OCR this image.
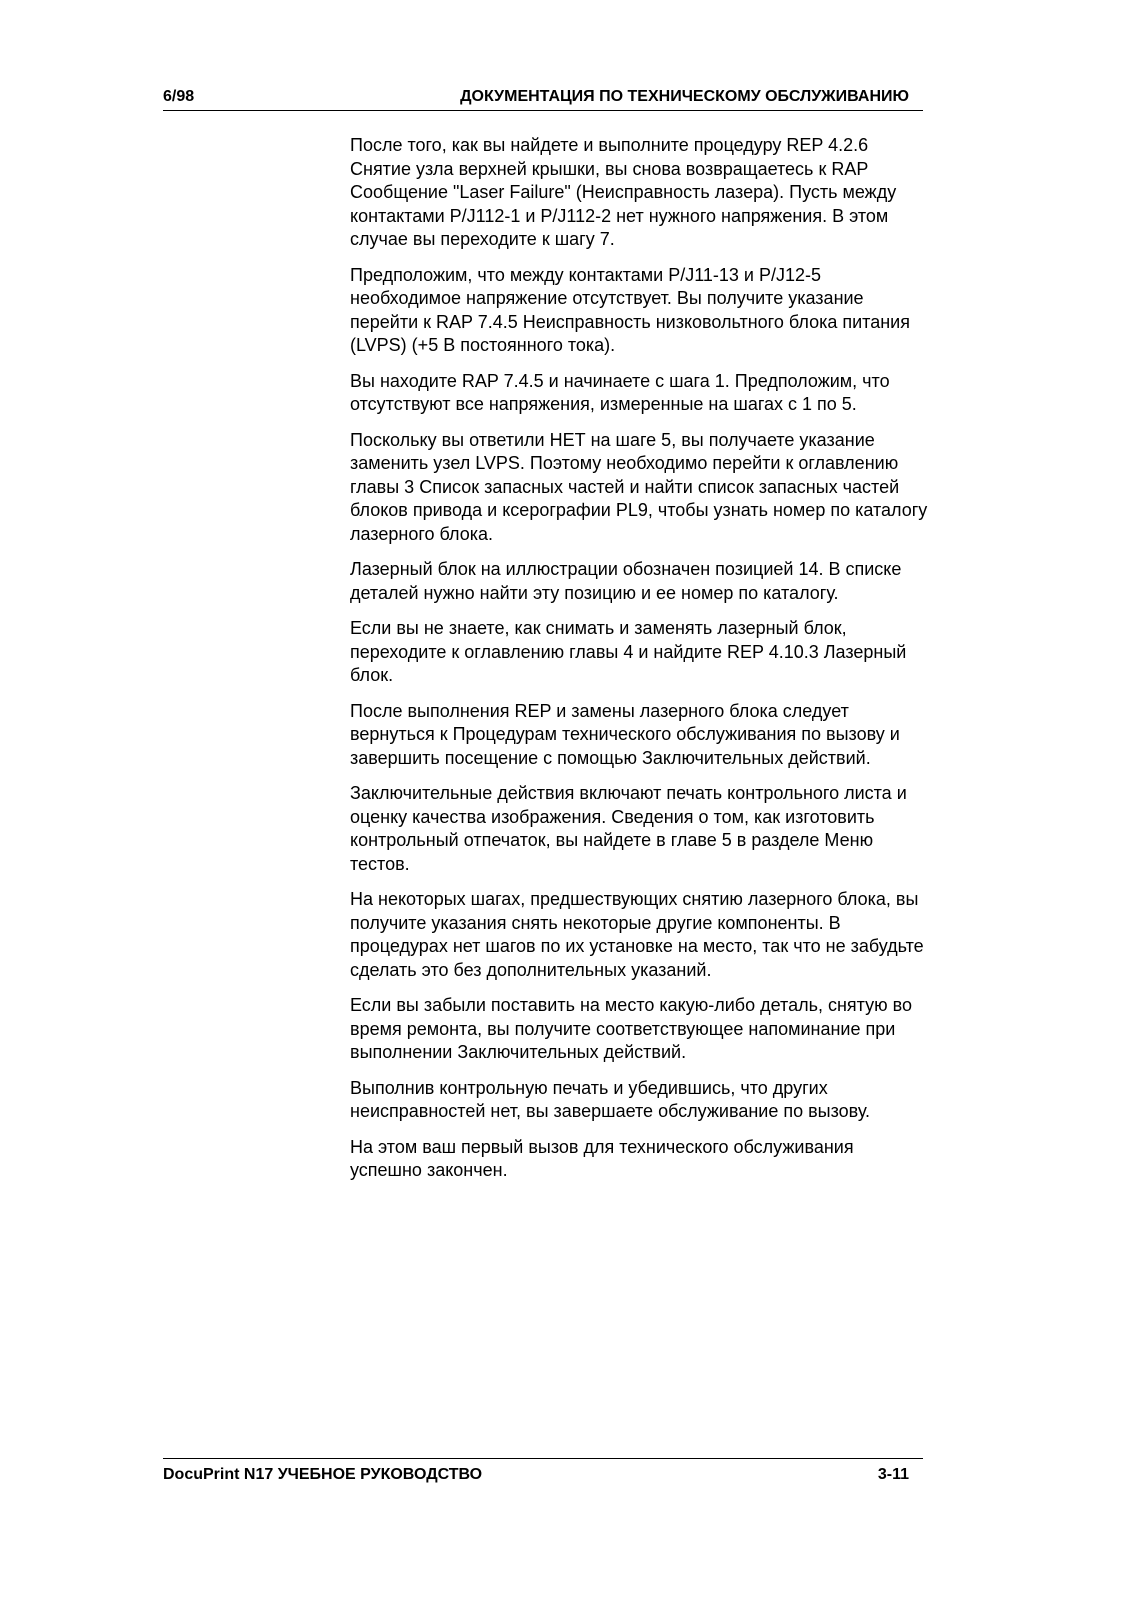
6/98	ДОКУМЕНТАЦИЯ ПО ТЕХНИЧЕСКОМУ ОБСЛУЖИВАНИЮ

После того, как вы найдете и выполните процедуру REP 4.2.6 Снятие узла верхней крышки, вы снова возвращаетесь к RAP Сообщение "Laser Failure" (Неисправность лазера). Пусть между контактами P/J112-1 и P/J112-2 нет нужного напряжения. В этом случае вы переходите к шагу 7.

Предположим, что между контактами P/J11-13 и P/J12-5 необходимое напряжение отсутствует. Вы получите указание перейти к RAP 7.4.5 Неисправность низковольтного блока питания (LVPS) (+5 В постоянного тока).

Вы находите RAP 7.4.5 и начинаете с шага 1. Предположим, что отсутствуют все напряжения, измеренные на шагах с 1 по 5.

Поскольку вы ответили НЕТ на шаге 5, вы получаете указание заменить узел LVPS. Поэтому необходимо перейти к оглавлению главы 3 Список запасных частей и найти список запасных частей блоков привода и ксерографии PL9, чтобы узнать номер по каталогу лазерного блока.

Лазерный блок на иллюстрации обозначен позицией 14. В списке деталей нужно найти эту позицию и ее номер по каталогу.

Если вы не знаете, как снимать и заменять лазерный блок, переходите к оглавлению главы 4 и найдите REP 4.10.3 Лазерный блок.

После выполнения REP и замены лазерного блока следует вернуться к Процедурам технического обслуживания по вызову и завершить посещение с помощью Заключительных действий.

Заключительные действия включают печать контрольного листа и оценку качества изображения. Сведения о том, как изготовить контрольный отпечаток, вы найдете в главе 5 в разделе Меню тестов.

На некоторых шагах, предшествующих снятию лазерного блока, вы получите указания снять некоторые другие компоненты. В процедурах нет шагов по их установке на место, так что не забудьте сделать это без дополнительных указаний.

Если вы забыли поставить на место какую-либо деталь, снятую во время ремонта, вы получите соответствующее напоминание при выполнении Заключительных действий.

Выполнив контрольную печать и убедившись, что других неисправностей нет, вы завершаете обслуживание по вызову.

На этом ваш первый вызов для технического обслуживания успешно закончен.

DocuPrint N17 УЧЕБНОЕ РУКОВОДСТВО	3-11
